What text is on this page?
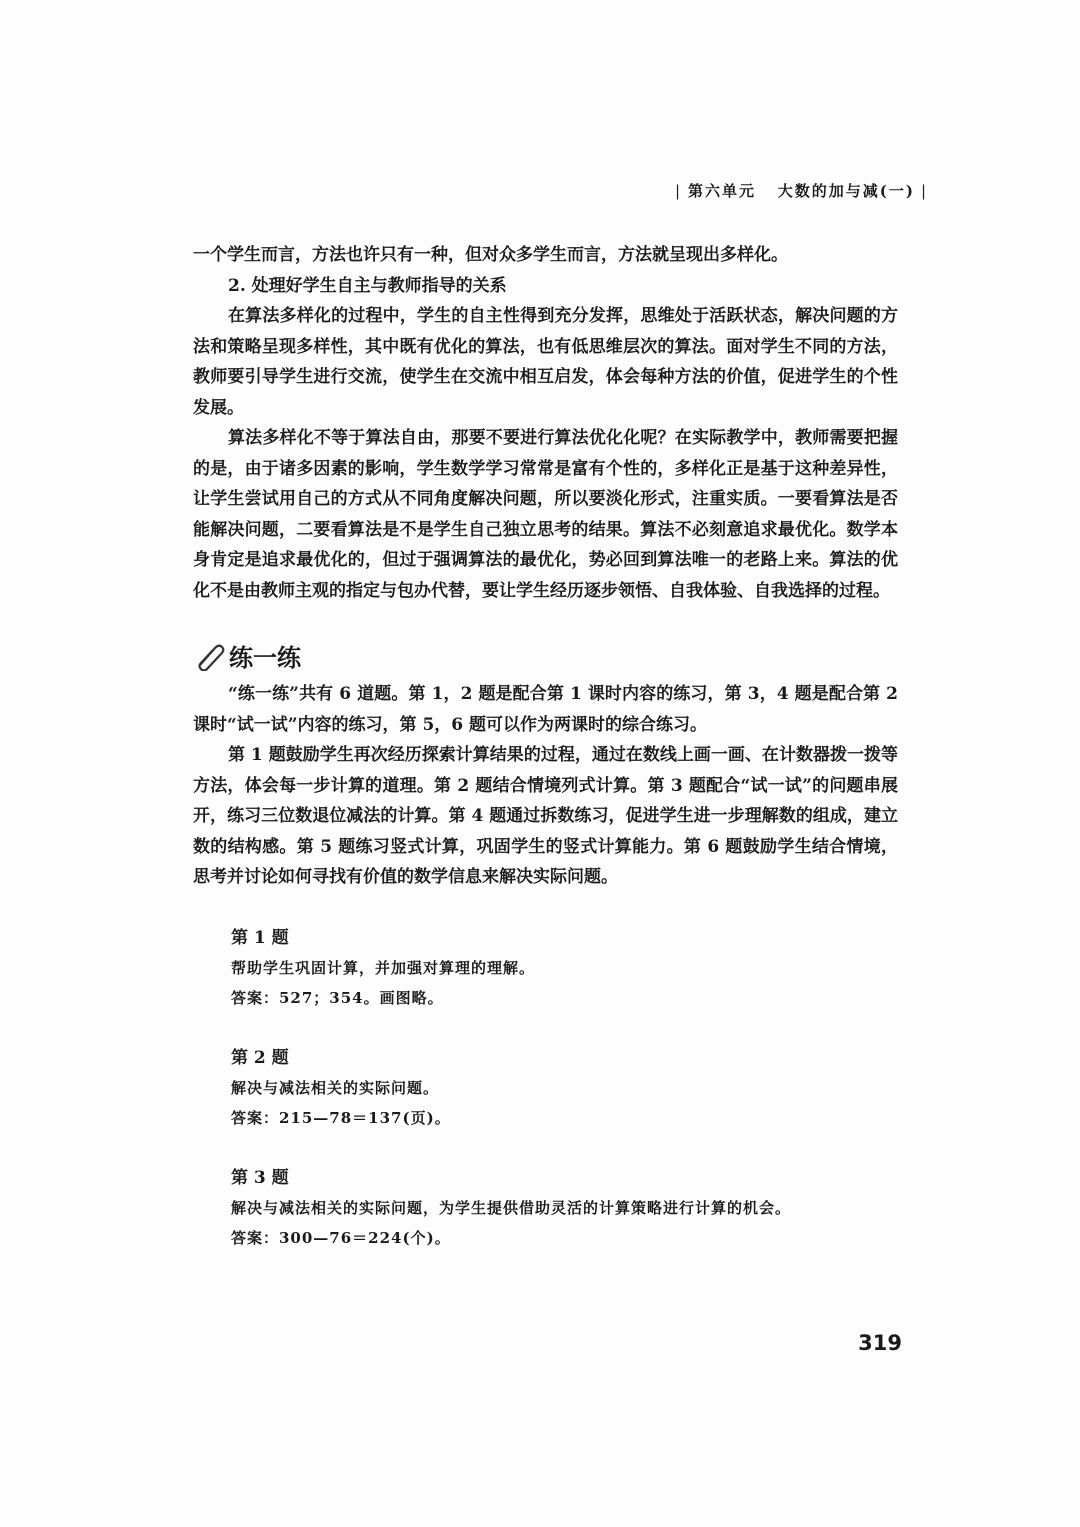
| 第六单元 大数的加与减(一) |

一个学生而言，方法也许只有一种，但对众多学生而言，方法就呈现出多样化。

2. 处理好学生自主与教师指导的关系

在算法多样化的过程中，学生的自主性得到充分发挥，思维处于活跃状态，解决问题的方法和策略呈现多样性，其中既有优化的算法，也有低思维层次的算法。面对学生不同的方法，教师要引导学生进行交流，使学生在交流中相互启发，体会每种方法的价值，促进学生的个性发展。

算法多样化不等于算法自由，那要不要进行算法优化化呢？在实际教学中，教师需要把握的是，由于诸多因素的影响，学生数学学习常常是富有个性的，多样化正是基于这种差异性，让学生尝试用自己的方式从不同角度解决问题，所以要淡化形式，注重实质。一要看算法是否能解决问题，二要看算法是不是学生自己独立思考的结果。算法不必刻意追求最优化。数学本身肯定是追求最优化的，但过于强调算法的最优化，势必回到算法唯一的老路上来。算法的优化不是由教师主观的指定与包办代替，要让学生经历逐步领悟、自我体验、自我选择的过程。

练一练

“练一练”共有 6 道题。第 1，2 题是配合第 1 课时内容的练习，第 3，4 题是配合第 2 课时“试一试”内容的练习，第 5，6 题可以作为两课时的综合练习。

第 1 题鼓励学生再次经历探索计算结果的过程，通过在数线上画一画、在计数器拨一拨等方法，体会每一步计算的道理。第 2 题结合情境列式计算。第 3 题配合“试一试”的问题串展开，练习三位数退位减法的计算。第 4 题通过拆数练习，促进学生进一步理解数的组成，建立数的结构感。第 5 题练习竖式计算，巩固学生的竖式计算能力。第 6 题鼓励学生结合情境，思考并讨论如何寻找有价值的数学信息来解决实际问题。

第 1 题

帮助学生巩固计算，并加强对算理的理解。

答案：527；354。画图略。

第 2 题

解决与减法相关的实际问题。

答案：215—78＝137(页)。

第 3 题

解决与减法相关的实际问题，为学生提供借助灵活的计算策略进行计算的机会。

答案：300—76＝224(个)。

319
